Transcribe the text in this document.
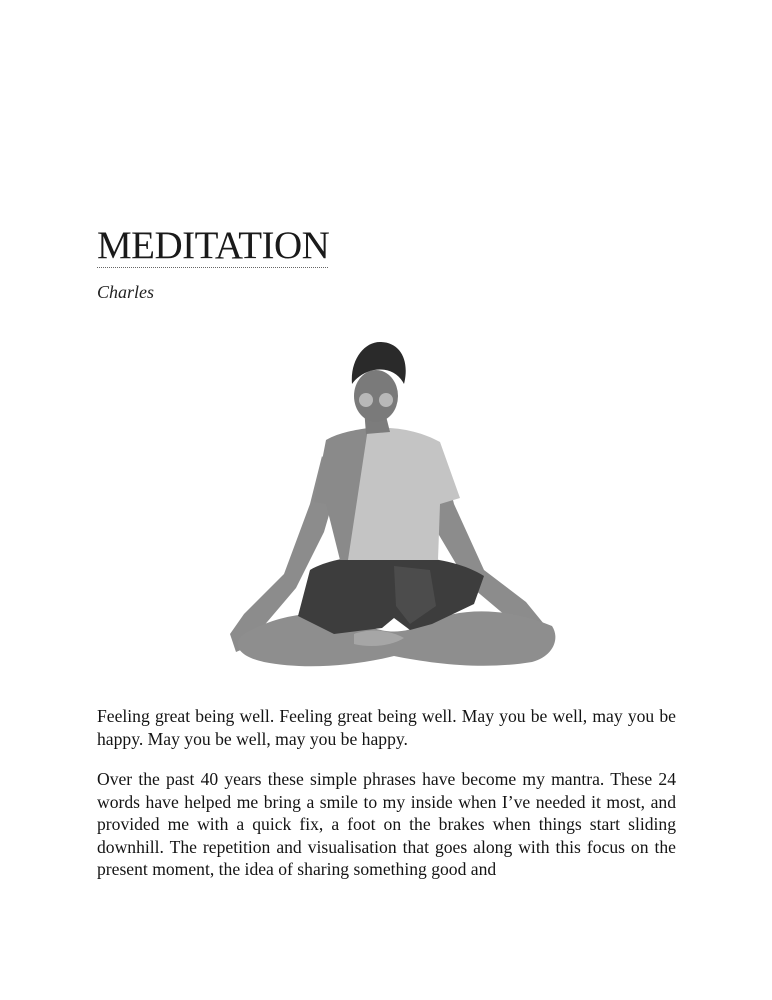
MEDITATION
Charles

Feeling great being well. Feeling great being well. May you be well, may you be happy. May you be well, may you be happy.

Over the past 40 years these simple phrases have become my mantra. These 24 words have helped me bring a smile to my inside when I’ve needed it most, and provided me with a quick fix, a foot on the brakes when things start sliding downhill. The repetition and visualisation that goes along with this focus on the present moment, the idea of sharing something good and
